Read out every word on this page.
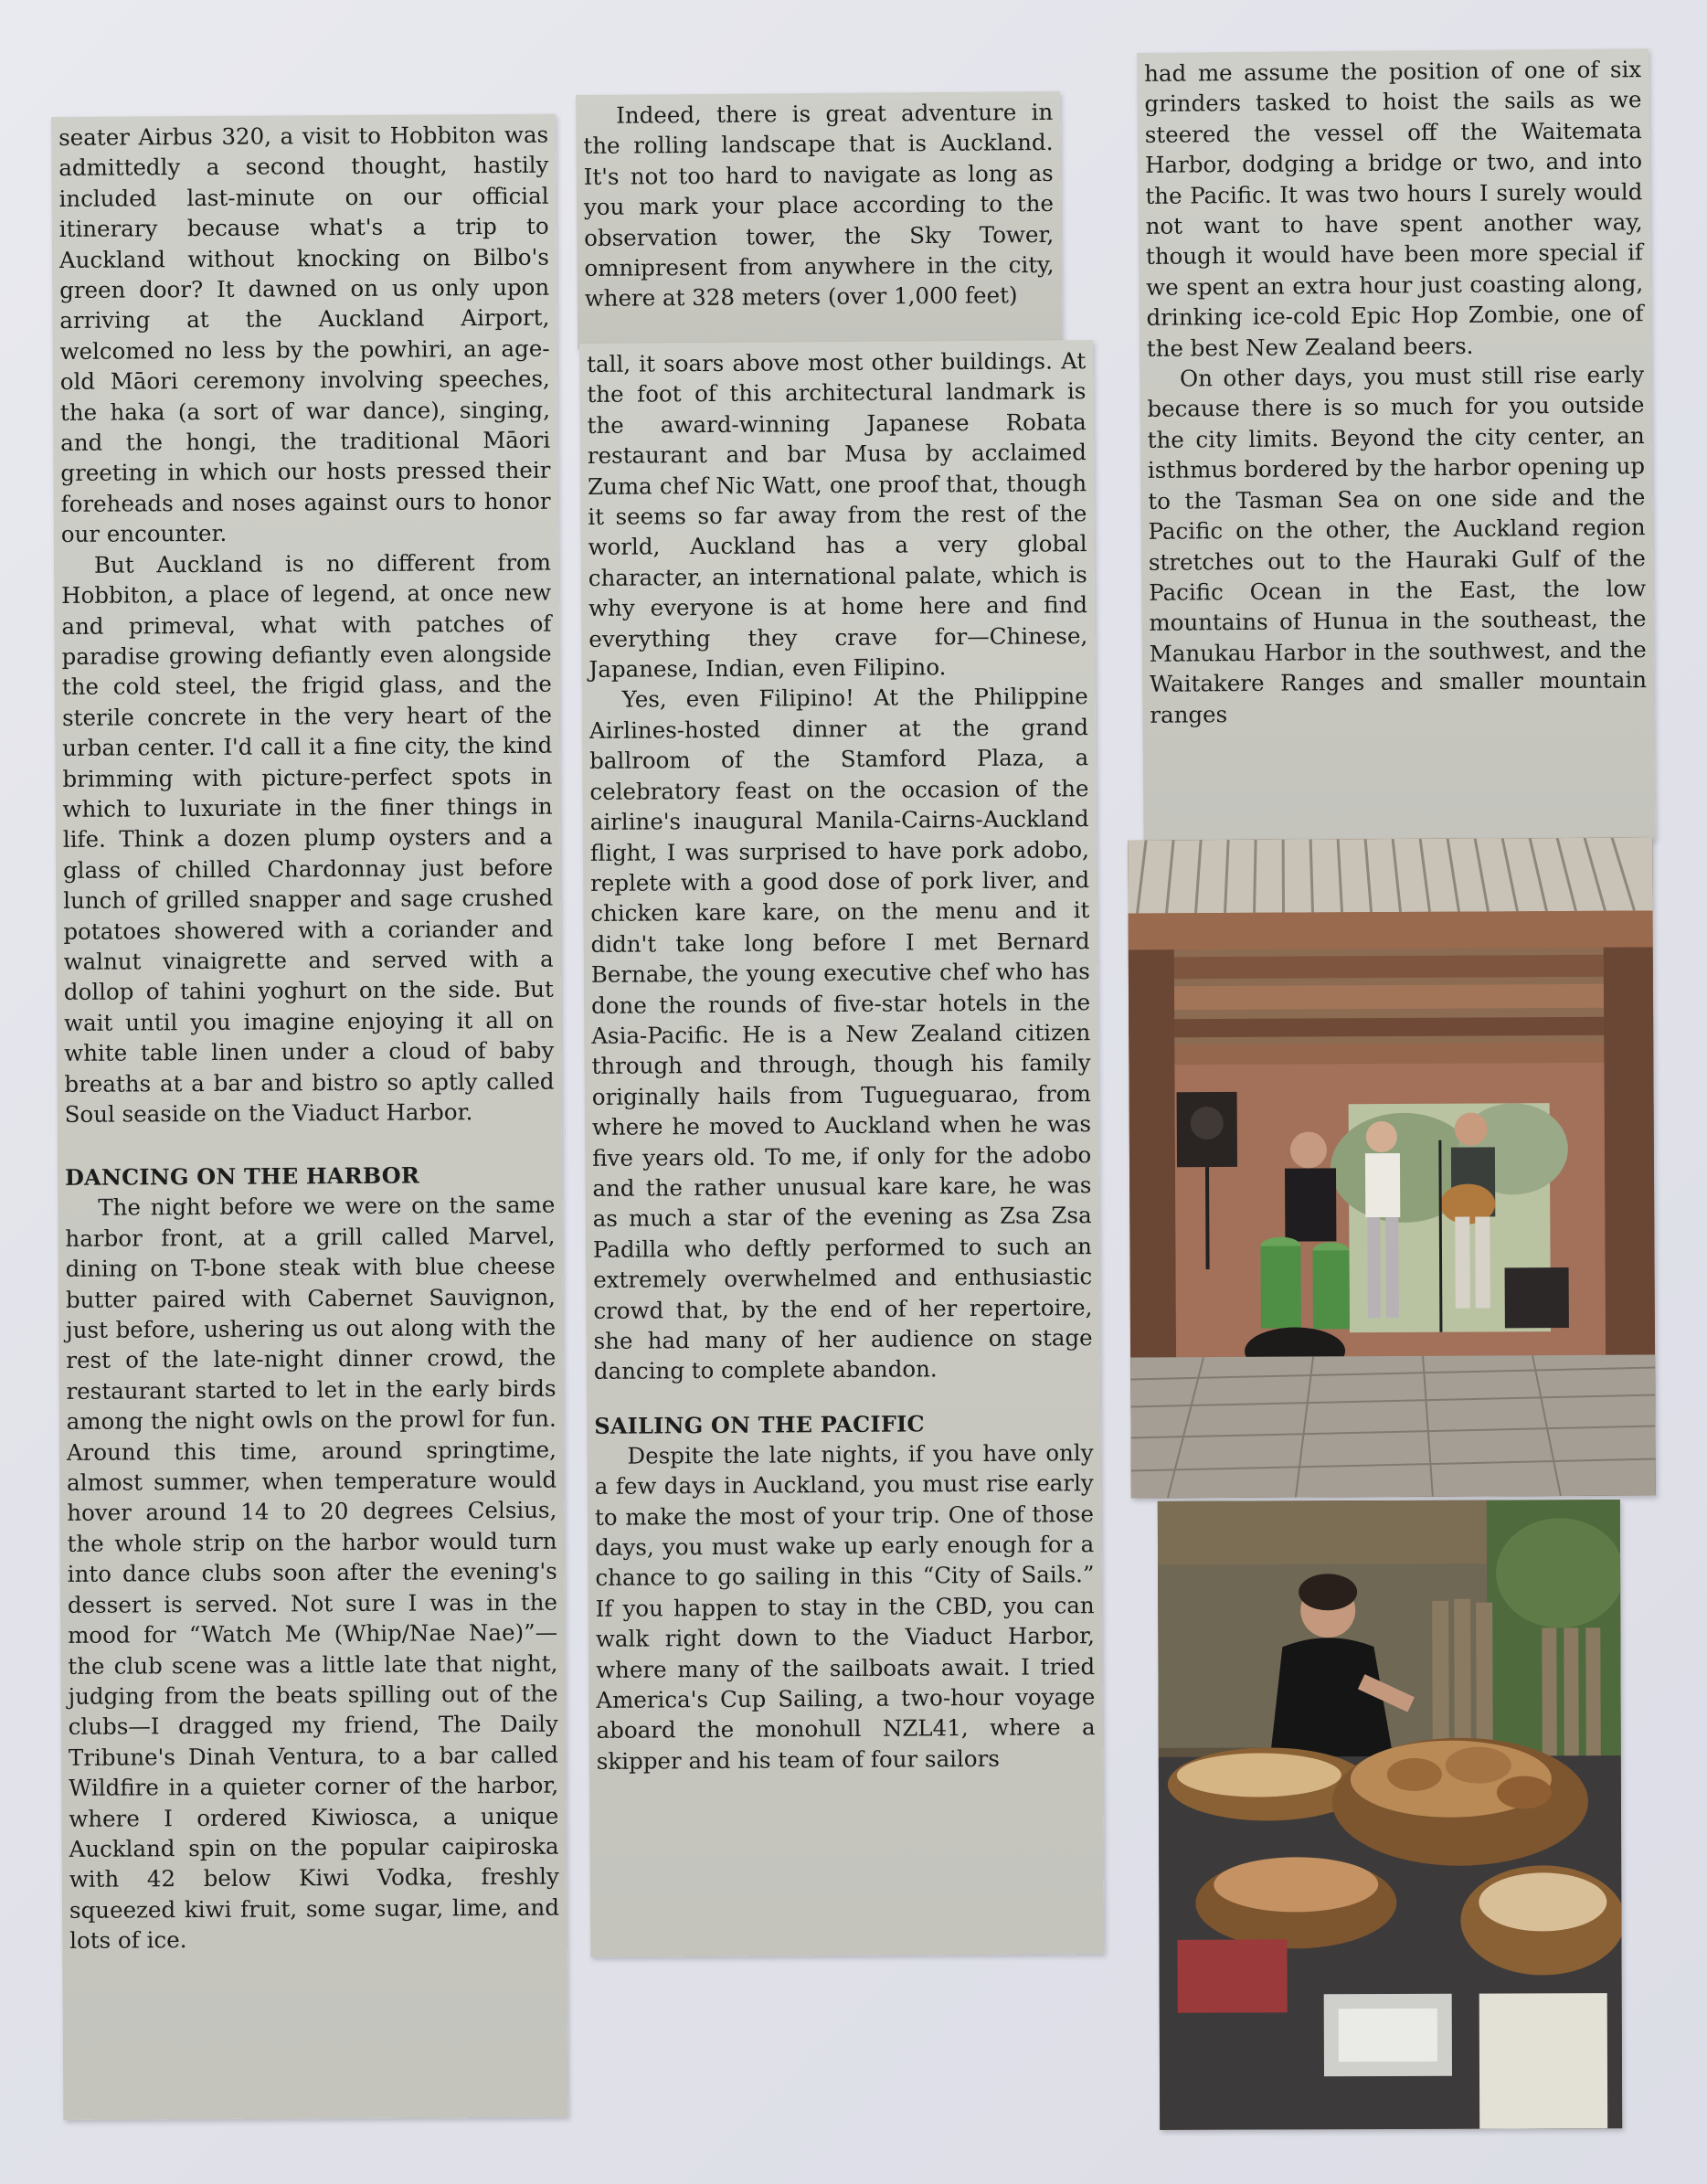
seater Airbus 320, a visit to Hobbiton was admittedly a second thought, hastily included last-minute on our official itinerary because what's a trip to Auckland without knocking on Bilbo's green door? It dawned on us only upon arriving at the Auckland Airport, welcomed no less by the powhiri, an age-old Māori ceremony involving speeches, the haka (a sort of war dance), singing, and the hongi, the traditional Māori greeting in which our hosts pressed their foreheads and noses against ours to honor our encounter.

But Auckland is no different from Hobbiton, a place of legend, at once new and primeval, what with patches of paradise growing defiantly even alongside the cold steel, the frigid glass, and the sterile concrete in the very heart of the urban center. I'd call it a fine city, the kind brimming with picture-perfect spots in which to luxuriate in the finer things in life. Think a dozen plump oysters and a glass of chilled Chardonnay just before lunch of grilled snapper and sage crushed potatoes showered with a coriander and walnut vinaigrette and served with a dollop of tahini yoghurt on the side. But wait until you imagine enjoying it all on white table linen under a cloud of baby breaths at a bar and bistro so aptly called Soul seaside on the Viaduct Harbor.

DANCING ON THE HARBOR

The night before we were on the same harbor front, at a grill called Marvel, dining on T-bone steak with blue cheese butter paired with Cabernet Sauvignon, just before, ushering us out along with the rest of the late-night dinner crowd, the restaurant started to let in the early birds among the night owls on the prowl for fun. Around this time, around springtime, almost summer, when temperature would hover around 14 to 20 degrees Celsius, the whole strip on the harbor would turn into dance clubs soon after the evening's dessert is served. Not sure I was in the mood for “Watch Me (Whip/Nae Nae)”—the club scene was a little late that night, judging from the beats spilling out of the clubs—I dragged my friend, The Daily Tribune's Dinah Ventura, to a bar called Wildfire in a quieter corner of the harbor, where I ordered Kiwiosca, a unique Auckland spin on the popular caipiroska with 42 below Kiwi Vodka, freshly squeezed kiwi fruit, some sugar, lime, and lots of ice.

Indeed, there is great adventure in the rolling landscape that is Auckland. It's not too hard to navigate as long as you mark your place according to the observation tower, the Sky Tower, omnipresent from anywhere in the city, where at 328 meters (over 1,000 feet)

tall, it soars above most other buildings. At the foot of this architectural landmark is the award-winning Japanese Robata restaurant and bar Musa by acclaimed Zuma chef Nic Watt, one proof that, though it seems so far away from the rest of the world, Auckland has a very global character, an international palate, which is why everyone is at home here and find everything they crave for—Chinese, Japanese, Indian, even Filipino.

Yes, even Filipino! At the Philippine Airlines-hosted dinner at the grand ballroom of the Stamford Plaza, a celebratory feast on the occasion of the airline's inaugural Manila-Cairns-Auckland flight, I was surprised to have pork adobo, replete with a good dose of pork liver, and chicken kare kare, on the menu and it didn't take long before I met Bernard Bernabe, the young executive chef who has done the rounds of five-star hotels in the Asia-Pacific. He is a New Zealand citizen through and through, though his family originally hails from Tugueguarao, from where he moved to Auckland when he was five years old. To me, if only for the adobo and the rather unusual kare kare, he was as much a star of the evening as Zsa Zsa Padilla who deftly performed to such an extremely overwhelmed and enthusiastic crowd that, by the end of her repertoire, she had many of her audience on stage dancing to complete abandon.

SAILING ON THE PACIFIC

Despite the late nights, if you have only a few days in Auckland, you must rise early to make the most of your trip. One of those days, you must wake up early enough for a chance to go sailing in this “City of Sails.” If you happen to stay in the CBD, you can walk right down to the Viaduct Harbor, where many of the sailboats await. I tried America's Cup Sailing, a two-hour voyage aboard the monohull NZL41, where a skipper and his team of four sailors

had me assume the position of one of six grinders tasked to hoist the sails as we steered the vessel off the Waitemata Harbor, dodging a bridge or two, and into the Pacific. It was two hours I surely would not want to have spent another way, though it would have been more special if we spent an extra hour just coasting along, drinking ice-cold Epic Hop Zombie, one of the best New Zealand beers.

On other days, you must still rise early because there is so much for you outside the city limits. Beyond the city center, an isthmus bordered by the harbor opening up to the Tasman Sea on one side and the Pacific on the other, the Auckland region stretches out to the Hauraki Gulf of the Pacific Ocean in the East, the low mountains of Hunua in the southeast, the Manukau Harbor in the southwest, and the Waitakere Ranges and smaller mountain ranges
